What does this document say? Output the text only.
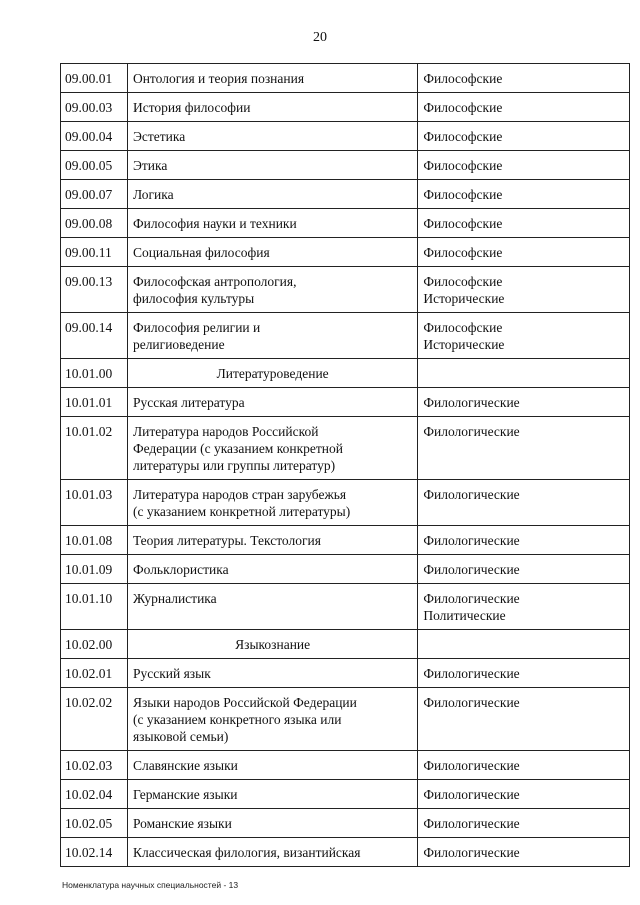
20
09.00.01	Онтология и теория познания	Философские

09.00.03	История философии	Философские

09.00.04	Эстетика	Философские

09.00.05	Этика	Философские

09.00.07	Логика	Философские

09.00.08	Философия науки и техники	Философские

09.00.11	Социальная философия	Философские

09.00.13	Философская антропология,
философия культуры	Философские
Исторические

09.00.14	Философия религии и
религиоведение	Философские
Исторические

10.01.00	Литературоведение	

10.01.01	Русская литература	Филологические

10.01.02	Литература народов Российской
Федерации (с указанием конкретной
литературы или группы литератур)	Филологические

10.01.03	Литература народов стран зарубежья
(с указанием конкретной литературы)	Филологические

10.01.08	Теория литературы. Текстология	Филологические

10.01.09	Фольклористика	Филологические

10.01.10	Журналистика	Филологические
Политические

10.02.00	Языкознание	

10.02.01	Русский язык	Филологические

10.02.02	Языки народов Российской Федерации
(с указанием конкретного языка или
языковой семьи)	Филологические

10.02.03	Славянские языки	Филологические

10.02.04	Германские языки	Филологические

10.02.05	Романские языки	Филологические

10.02.14	Классическая филология, византийская	Филологические
Номенклатура научных специальностей - 13
